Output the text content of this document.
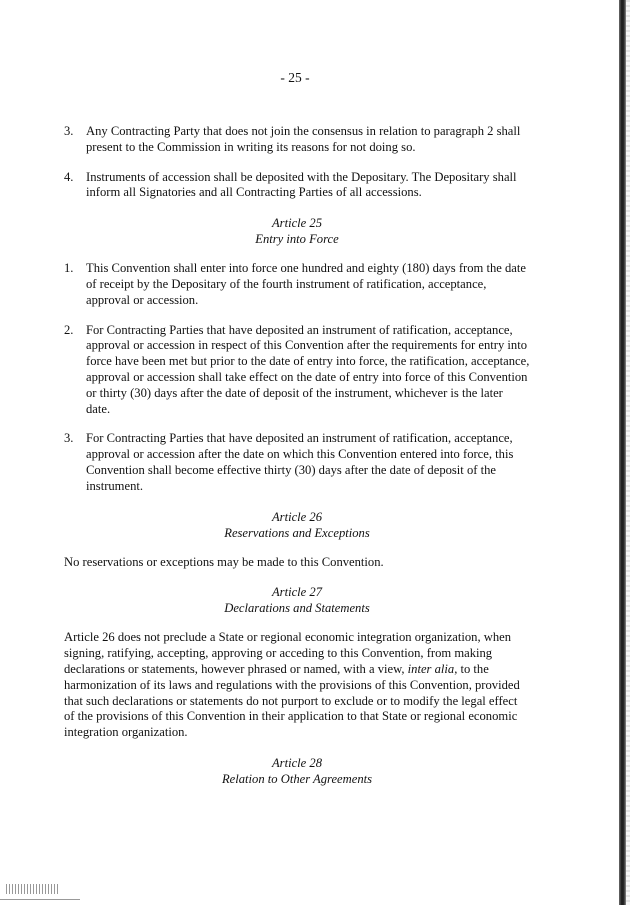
- 25 -
3. Any Contracting Party that does not join the consensus in relation to paragraph 2 shall present to the Commission in writing its reasons for not doing so.
4. Instruments of accession shall be deposited with the Depositary. The Depositary shall inform all Signatories and all Contracting Parties of all accessions.
Article 25
Entry into Force
1. This Convention shall enter into force one hundred and eighty (180) days from the date of receipt by the Depositary of the fourth instrument of ratification, acceptance, approval or accession.
2. For Contracting Parties that have deposited an instrument of ratification, acceptance, approval or accession in respect of this Convention after the requirements for entry into force have been met but prior to the date of entry into force, the ratification, acceptance, approval or accession shall take effect on the date of entry into force of this Convention or thirty (30) days after the date of deposit of the instrument, whichever is the later date.
3. For Contracting Parties that have deposited an instrument of ratification, acceptance, approval or accession after the date on which this Convention entered into force, this Convention shall become effective thirty (30) days after the date of deposit of the instrument.
Article 26
Reservations and Exceptions
No reservations or exceptions may be made to this Convention.
Article 27
Declarations and Statements
Article 26 does not preclude a State or regional economic integration organization, when signing, ratifying, accepting, approving or acceding to this Convention, from making declarations or statements, however phrased or named, with a view, inter alia, to the harmonization of its laws and regulations with the provisions of this Convention, provided that such declarations or statements do not purport to exclude or to modify the legal effect of the provisions of this Convention in their application to that State or regional economic integration organization.
Article 28
Relation to Other Agreements
